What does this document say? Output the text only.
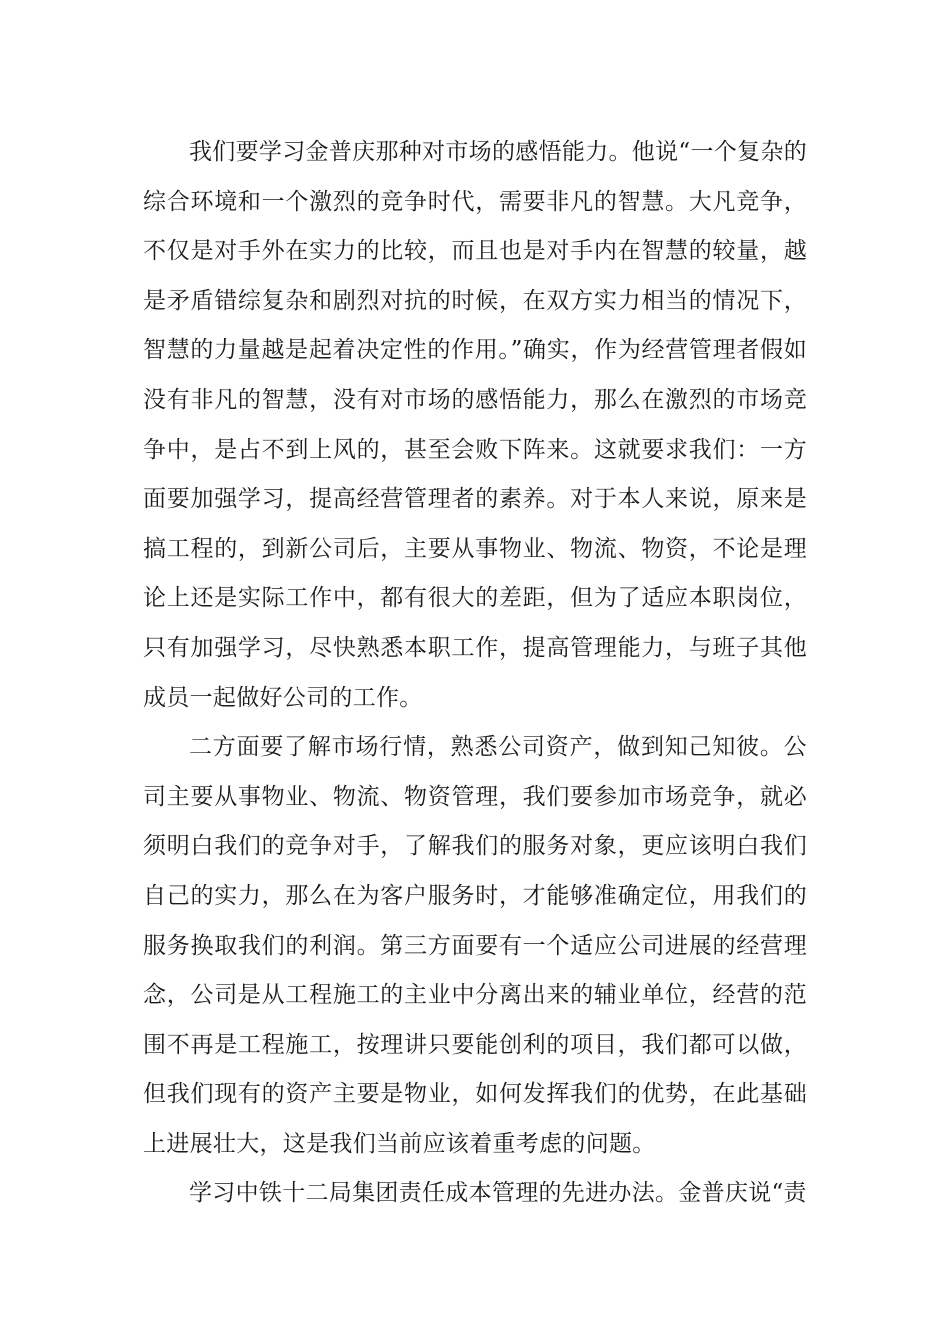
我们要学习金普庆那种对市场的感悟能力。他说“一个复杂的综合环境和一个激烈的竞争时代，需要非凡的智慧。大凡竞争，不仅是对手外在实力的比较，而且也是对手内在智慧的较量，越是矛盾错综复杂和剧烈对抗的时候，在双方实力相当的情况下，智慧的力量越是起着决定性的作用。”确实，作为经营管理者假如没有非凡的智慧，没有对市场的感悟能力，那么在激烈的市场竞争中，是占不到上风的，甚至会败下阵来。这就要求我们：一方面要加强学习，提高经营管理者的素养。对于本人来说，原来是搞工程的，到新公司后，主要从事物业、物流、物资，不论是理论上还是实际工作中，都有很大的差距，但为了适应本职岗位，只有加强学习，尽快熟悉本职工作，提高管理能力，与班子其他成员一起做好公司的工作。

二方面要了解市场行情，熟悉公司资产，做到知己知彼。公司主要从事物业、物流、物资管理，我们要参加市场竞争，就必须明白我们的竞争对手，了解我们的服务对象，更应该明白我们自己的实力，那么在为客户服务时，才能够准确定位，用我们的服务换取我们的利润。第三方面要有一个适应公司进展的经营理念，公司是从工程施工的主业中分离出来的辅业单位，经营的范围不再是工程施工，按理讲只要能创利的项目，我们都可以做，但我们现有的资产主要是物业，如何发挥我们的优势，在此基础上进展壮大，这是我们当前应该着重考虑的问题。

学习中铁十二局集团责任成本管理的先进办法。金普庆说“责
